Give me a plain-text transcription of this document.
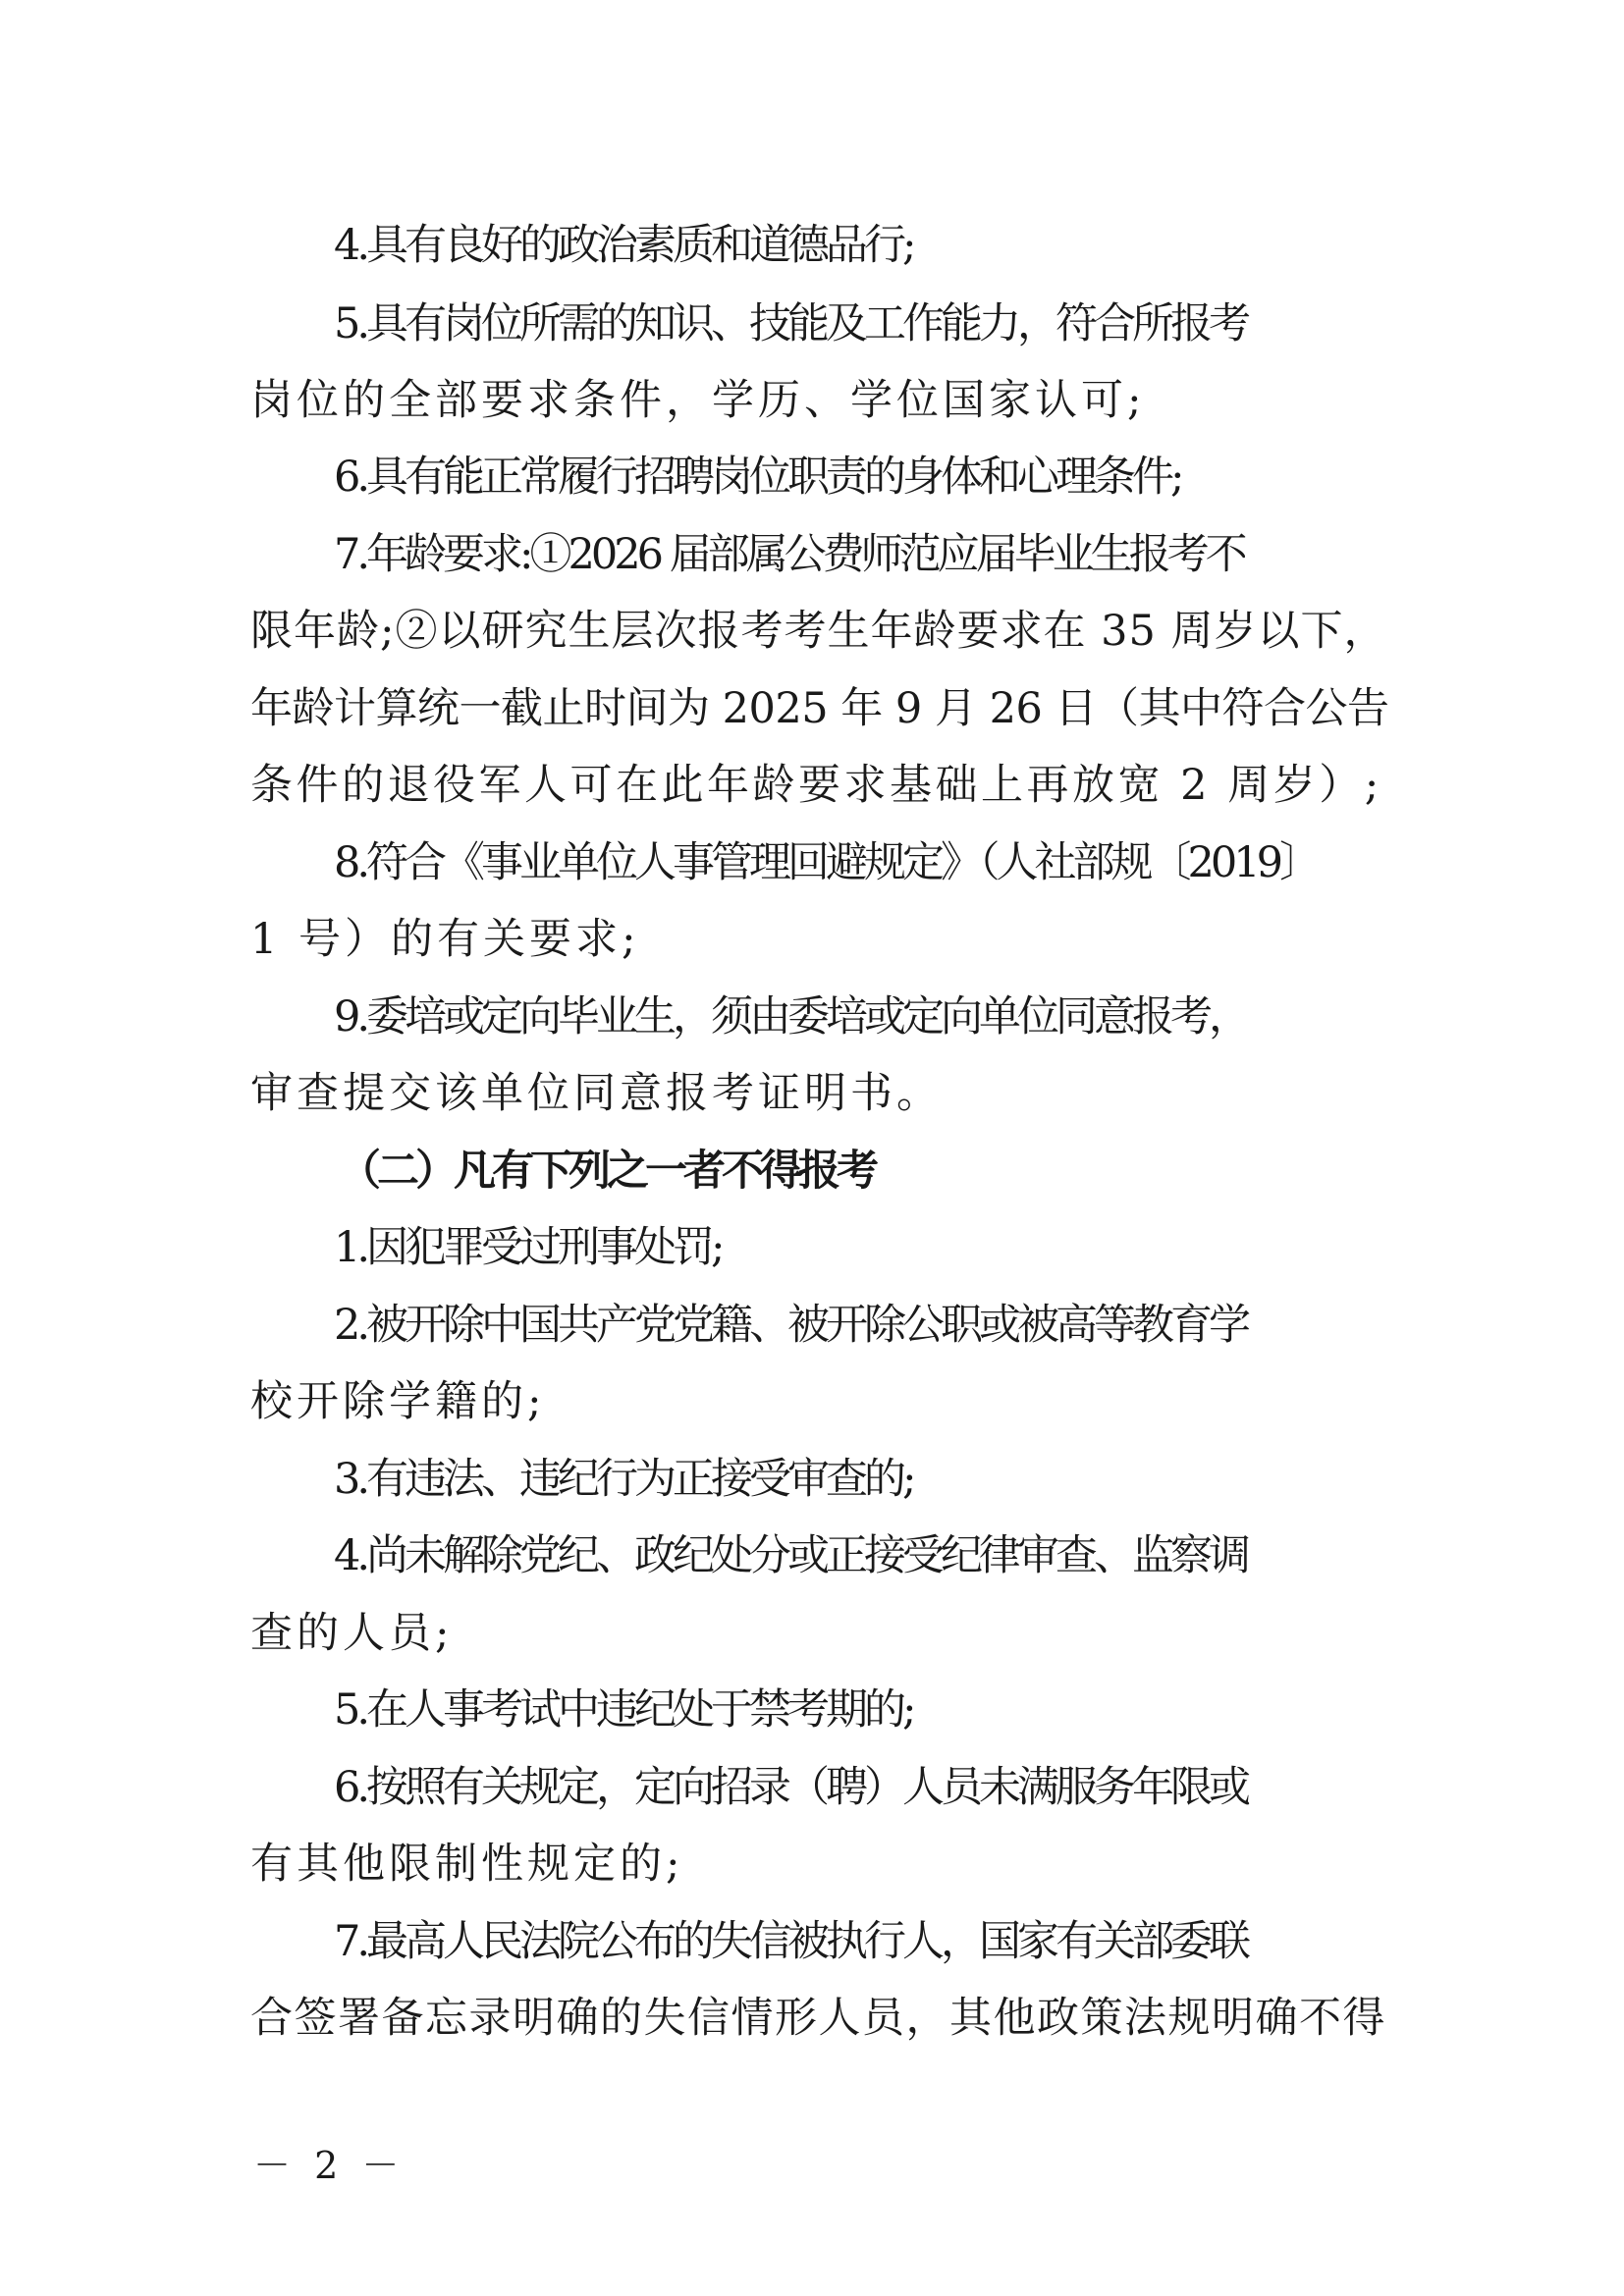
4.具有良好的政治素质和道德品行;
5.具有岗位所需的知识、技能及工作能力，符合所报考
岗位的全部要求条件，学历、学位国家认可;
6.具有能正常履行招聘岗位职责的身体和心理条件;
7.年龄要求:①2026 届部属公费师范应届毕业生报考不
限年龄;②以研究生层次报考考生年龄要求在 35 周岁以下，
年龄计算统一截止时间为 2025 年 9 月 26 日（其中符合公告
条件的退役军人可在此年龄要求基础上再放宽 2 周岁）;
8.符合《事业单位人事管理回避规定》（人社部规〔2019〕
1 号）的有关要求;
9.委培或定向毕业生，须由委培或定向单位同意报考，
审查提交该单位同意报考证明书。
（二）凡有下列之一者不得报考
1.因犯罪受过刑事处罚;
2.被开除中国共产党党籍、被开除公职或被高等教育学
校开除学籍的;
3.有违法、违纪行为正接受审查的;
4.尚未解除党纪、政纪处分或正接受纪律审查、监察调
查的人员;
5.在人事考试中违纪处于禁考期的;
6.按照有关规定，定向招录（聘）人员未满服务年限或
有其他限制性规定的;
7.最高人民法院公布的失信被执行人，国家有关部委联
合签署备忘录明确的失信情形人员，其他政策法规明确不得
－ 2 －
